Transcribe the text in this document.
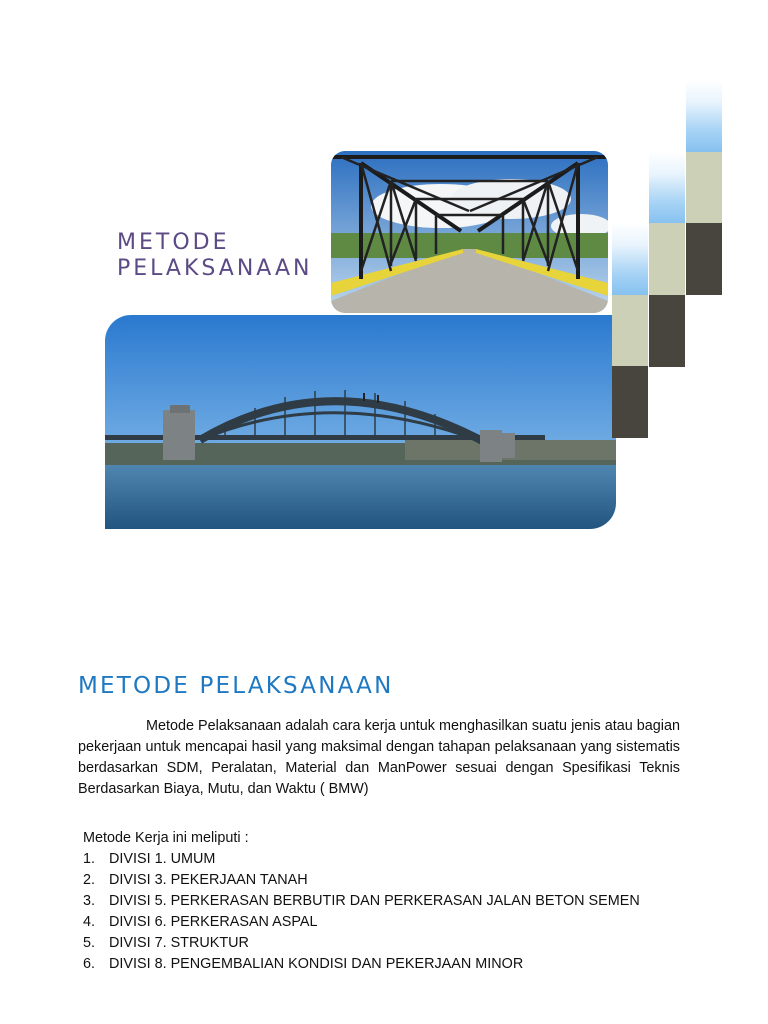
METODE
PELAKSANAAN
METODE PELAKSANAAN

Metode Pelaksanaan adalah cara kerja untuk menghasilkan suatu jenis atau bagian pekerjaan untuk mencapai hasil yang maksimal dengan tahapan pelaksanaan yang sistematis berdasarkan SDM, Peralatan, Material dan ManPower sesuai dengan Spesifikasi Teknis Berdasarkan Biaya, Mutu, dan Waktu ( BMW)

Metode Kerja ini meliputi :
1. DIVISI 1. UMUM
2. DIVISI 3. PEKERJAAN TANAH
3. DIVISI 5. PERKERASAN BERBUTIR DAN PERKERASAN JALAN BETON SEMEN
4. DIVISI 6. PERKERASAN ASPAL
5. DIVISI 7. STRUKTUR
6. DIVISI 8. PENGEMBALIAN KONDISI DAN PEKERJAAN MINOR
